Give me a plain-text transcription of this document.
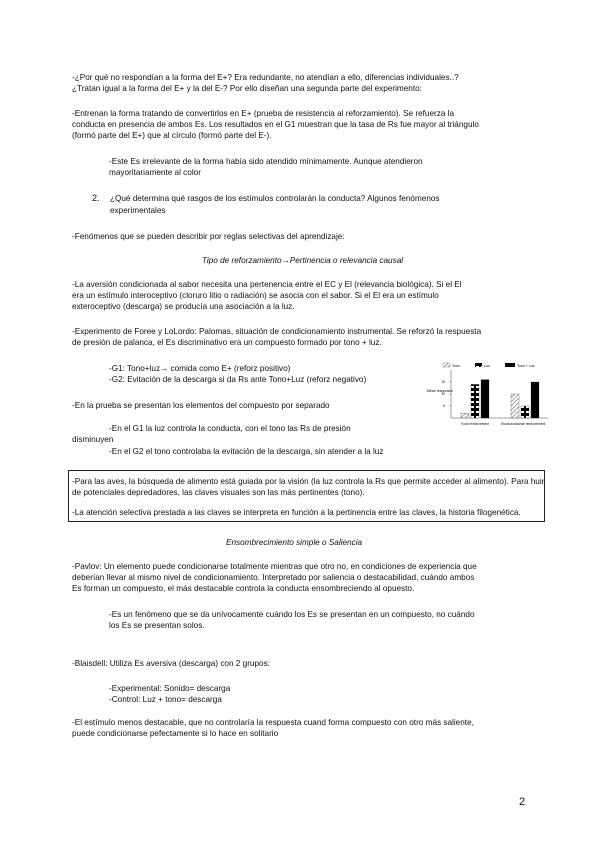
-¿Por qué no respondían a la forma del E+? Era redundante, no atendían a ello, diferencias individuales..?
¿Tratan igual a la forma del E+ y la del E-? Por ello diseñan una segunda parte del experimento:
-Entrenan la forma tratando de convertirlos en E+ (prueba de resistencia al reforzamiento). Se refuerza la
conducta en presencia de ambos Es. Los resultados en el G1 muestran que la tasa de Rs fue mayor al triángulo
(formó parte del E+) que al círculo (formó parte del E-).
-Este Es irrelevante de la forma había sido atendido mínimamente. Aunque atendieron
mayoritariamente al color
2. ¿Qué determina qué rasgos de los estímulos controlarán la conducta? Algunos fenómenos
experimentales
-Fenómenos que se pueden describir por reglas selectivas del aprendizaje:
Tipo de reforzamiento→Pertinencia o relevancia causal
-La aversión condicionada al sabor necesita una pertenencia entre el EC y El (relevancia biológica). Si el El
era un estímulo interoceptivo (cloruro litio o radiación) se asocia con el sabor. Si el El era un estímulo
exteroceptivo (descarga) se producía una asociación a la luz.
-Experimento de Foree y LoLordo: Palomas, situación de condicionamiento instrumental. Se reforzó la respuesta
de presión de palanca, el Es discriminativo era un compuesto formado por tono + luz.
-G1: Tono+luz→ comida como E+ (reforz positivo)
-G2: Evitación de la descarga si da Rs ante Tono+Luz (reforz negativo)
-En la prueba se presentan los elementos del compuesto por separado
-En el G1 la luz controla la conducta, con el tono las Rs de presión
disminuyen
-En el G2 el tono controlaba la evitación de la descarga, sin atender a la luz
Tono	Luz	Tono + Luz
Mean responses
15
10
5
Food reinforcement	Shock avoidance reinforcement
-Para las aves, la búsqueda de alimento está guiada por la visión (la luz controla la Rs que permite acceder al alimento). Para huir
de potenciales depredadores, las claves visuales son las más pertinentes (tono).
-La atención selectiva prestada a las claves se interpreta en función a la pertinencia entre las claves, la historia filogenética.
Ensombrecimiento simple o Saliencia
-Pavlov: Un elemento puede condicionarse totalmente mientras que otro no, en condiciones de experiencia que
deberían llevar al mismo nivel de condicionamiento. Interpretado por saliencia o destacabilidad, cuándo ambos
Es forman un compuesto, el más destacable controla la conducta ensombreciendo al opuesto.
-Es un fenómeno que se da unívocamente cuándo los Es se presentan en un compuesto, no cuándo
los Es se presentan solos.
-Blaisdell: Utiliza Es aversiva (descarga) con 2 grupos:
-Experimental: Sonido= descarga
-Control: Luz + tono= descarga
-El estímulo menos destacable, que no controlaría la respuesta cuand forma compuesto con otro más saliente,
puede condicionarse pefectamente si lo hace en solitario
2
